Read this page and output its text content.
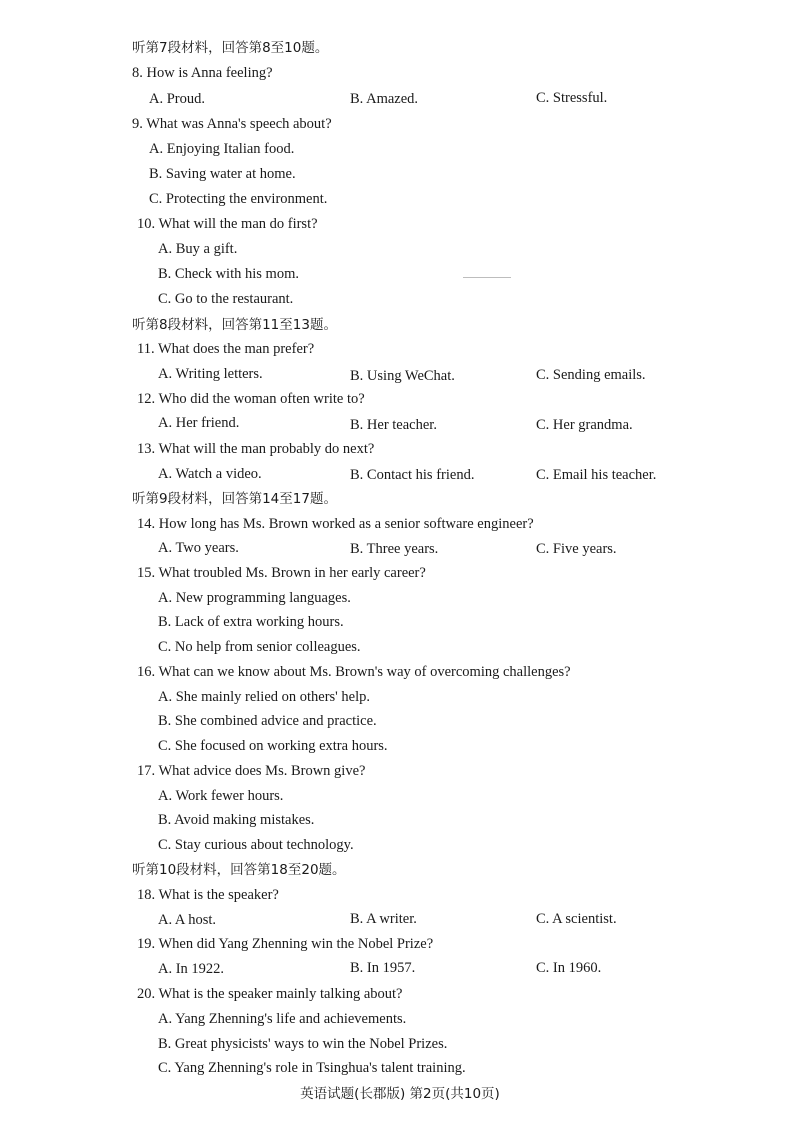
听第7段材料，回答第8至10题。
8. How is Anna feeling?
A. Proud.	B. Amazed.	C. Stressful.
9. What was Anna's speech about?
A. Enjoying Italian food.
B. Saving water at home.
C. Protecting the environment.
10. What will the man do first?
A. Buy a gift.
B. Check with his mom.
C. Go to the restaurant.
听第8段材料，回答第11至13题。
11. What does the man prefer?
A. Writing letters.	B. Using WeChat.	C. Sending emails.
12. Who did the woman often write to?
A. Her friend.	B. Her teacher.	C. Her grandma.
13. What will the man probably do next?
A. Watch a video.	B. Contact his friend.	C. Email his teacher.
听第9段材料，回答第14至17题。
14. How long has Ms. Brown worked as a senior software engineer?
A. Two years.	B. Three years.	C. Five years.
15. What troubled Ms. Brown in her early career?
A. New programming languages.
B. Lack of extra working hours.
C. No help from senior colleagues.
16. What can we know about Ms. Brown's way of overcoming challenges?
A. She mainly relied on others' help.
B. She combined advice and practice.
C. She focused on working extra hours.
17. What advice does Ms. Brown give?
A. Work fewer hours.
B. Avoid making mistakes.
C. Stay curious about technology.
听第10段材料，回答第18至20题。
18. What is the speaker?
A. A host.	B. A writer.	C. A scientist.
19. When did Yang Zhenning win the Nobel Prize?
A. In 1922.	B. In 1957.	C. In 1960.
20. What is the speaker mainly talking about?
A. Yang Zhenning's life and achievements.
B. Great physicists' ways to win the Nobel Prizes.
C. Yang Zhenning's role in Tsinghua's talent training.
英语试题(长郡版) 第2页(共10页)
